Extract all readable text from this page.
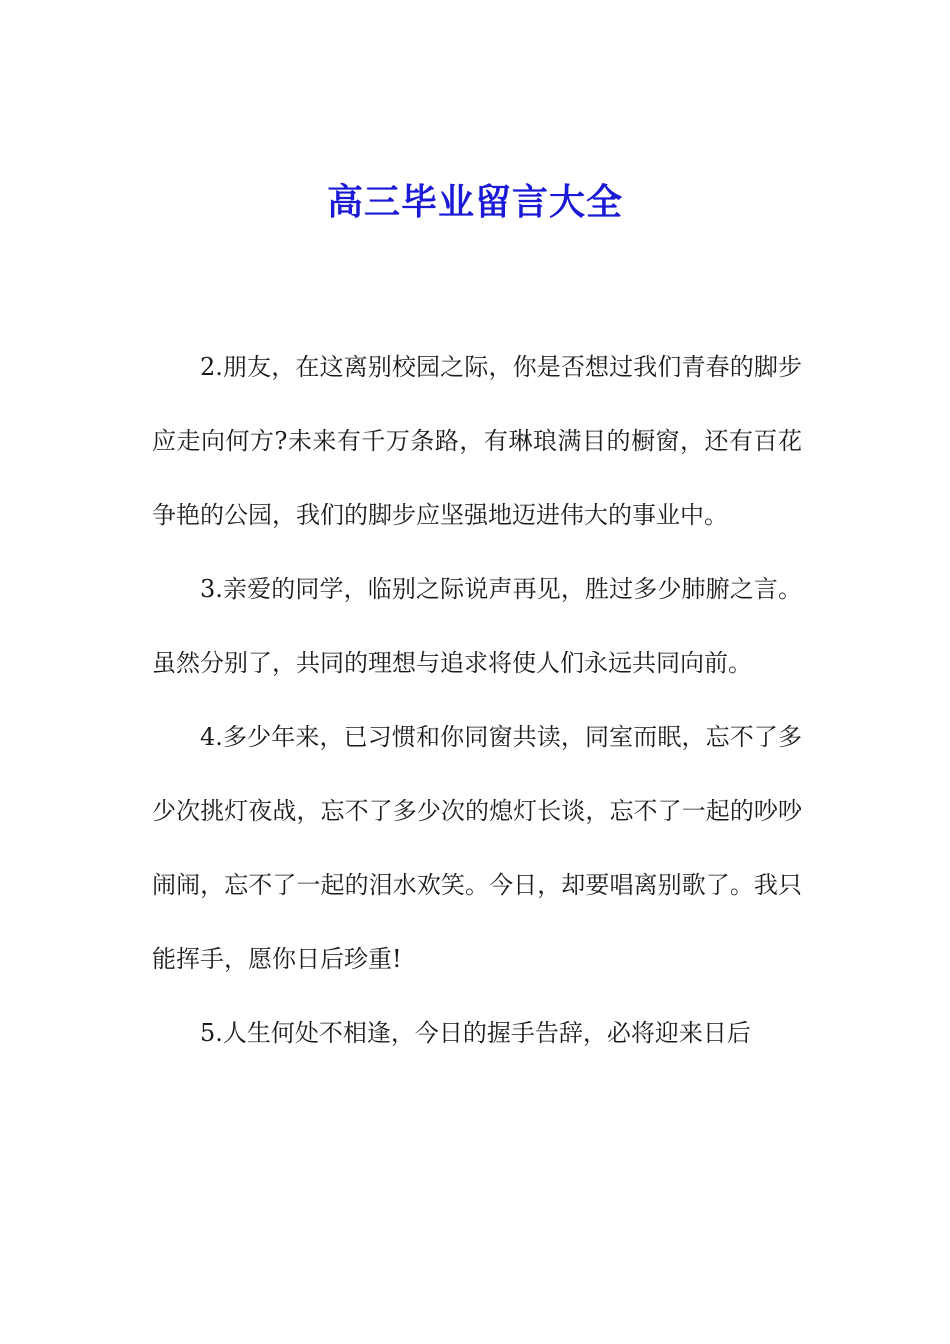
高三毕业留言大全

2.朋友，在这离别校园之际，你是否想过我们青春的脚步应走向何方?未来有千万条路，有琳琅满目的橱窗，还有百花争艳的公园，我们的脚步应坚强地迈进伟大的事业中。

3.亲爱的同学，临别之际说声再见，胜过多少肺腑之言。虽然分别了，共同的理想与追求将使人们永远共同向前。

4.多少年来，已习惯和你同窗共读，同室而眠，忘不了多少次挑灯夜战，忘不了多少次的熄灯长谈，忘不了一起的吵吵闹闹，忘不了一起的泪水欢笑。今日，却要唱离别歌了。我只能挥手，愿你日后珍重!

5.人生何处不相逢，今日的握手告辞，必将迎来日后
